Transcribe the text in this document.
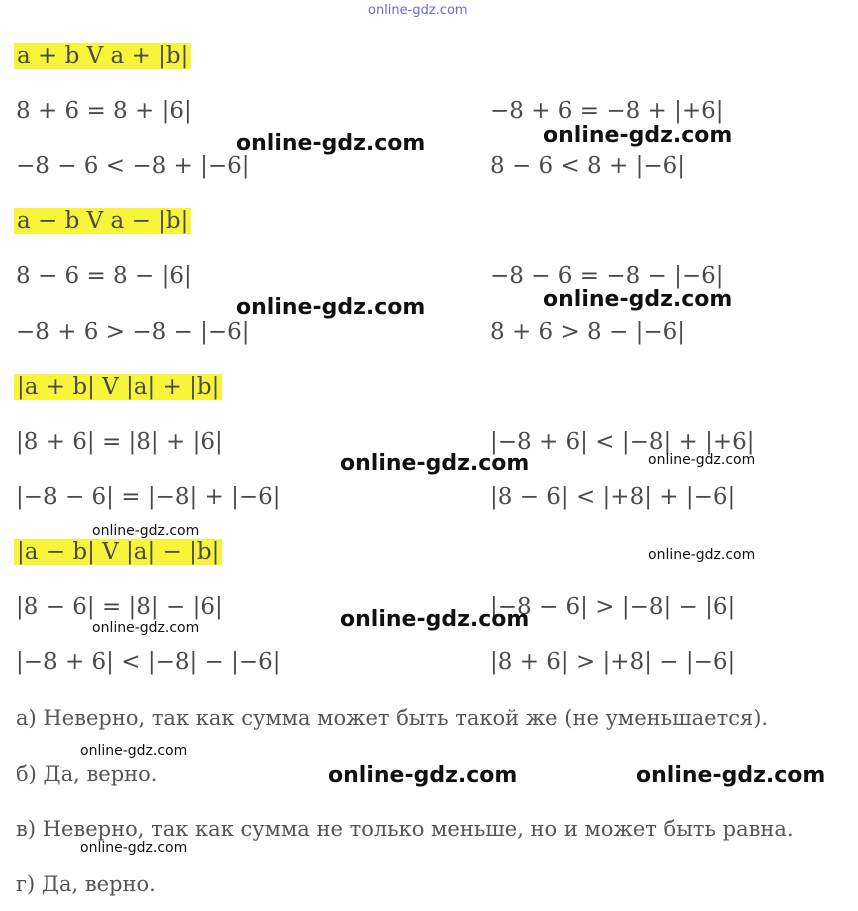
online-gdz.com
a + b V a + |b|
8 + 6 = 8 + |6|
−8 − 6 < −8 + |−6|
−8 + 6 = −8 + |+6|
8 − 6 < 8 + |−6|
a − b V a − |b|
8 − 6 = 8 − |6|
−8 + 6 > −8 − |−6|
−8 − 6 = −8 − |−6|
8 + 6 > 8 − |−6|
|a + b| V |a| + |b|
|8 + 6| = |8| + |6|
|−8 − 6| = |−8| + |−6|
|−8 + 6| < |−8| + |+6|
|8 − 6| < |+8| + |−6|
|a − b| V |a| − |b|
|8 − 6| = |8| − |6|
|−8 + 6| < |−8| − |−6|
|−8 − 6| > |−8| − |6|
|8 + 6| > |+8| − |−6|
а) Неверно, так как сумма может быть такой же (не уменьшается).
б) Да, верно.
в) Неверно, так как сумма не только меньше, но и может быть равна.
г) Да, верно.
online-gdz.com	online-gdz.com
online-gdz.com	online-gdz.com
online-gdz.com
online-gdz.com
online-gdz.com	online-gdz.com
online-gdz.com
online-gdz.com
online-gdz.com
online-gdz.com
online-gdz.com
online-gdz.com
